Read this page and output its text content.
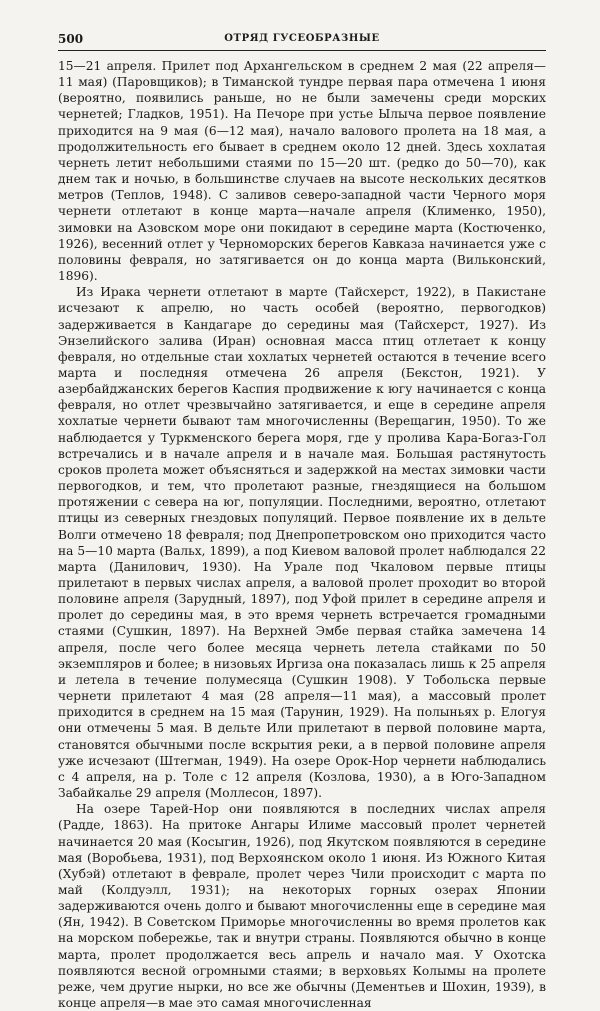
500	ОТРЯД ГУСЕОБРАЗНЫЕ

15—21 апреля. Прилет под Архангельском в среднем 2 мая (22 апреля—11 мая) (Паровщиков); в Тиманской тундре первая пара отмечена 1 июня (вероятно, появились раньше, но не были замечены среди морских чернетей; Гладков, 1951). На Печоре при устье Ылыча первое появление приходится на 9 мая (6—12 мая), начало валового пролета на 18 мая, а продолжительность его бывает в среднем около 12 дней. Здесь хохлатая чернеть летит небольшими стаями по 15—20 шт. (редко до 50—70), как днем так и ночью, в большинстве случаев на высоте нескольких десятков метров (Теплов, 1948). С заливов северо-западной части Черного моря чернети отлетают в конце марта—начале апреля (Клименко, 1950), зимовки на Азовском море они покидают в середине марта (Костюченко, 1926), весенний отлет у Черноморских берегов Кавказа начинается уже с половины февраля, но затягивается он до конца марта (Вильконский, 1896).

Из Ирака чернети отлетают в марте (Тайсхерст, 1922), в Пакистане исчезают к апрелю, но часть особей (вероятно, первогодков) задерживается в Кандагаре до середины мая (Тайсхерст, 1927). Из Энзелийского залива (Иран) основная масса птиц отлетает к концу февраля, но отдельные стаи хохлатых чернетей остаются в течение всего марта и последняя отмечена 26 апреля (Бекстон, 1921). У азербайджанских берегов Каспия продвижение к югу начинается с конца февраля, но отлет чрезвычайно затягивается, и еще в середине апреля хохлатые чернети бывают там многочисленны (Верещагин, 1950). То же наблюдается у Туркменского берега моря, где у пролива Кара-Богаз-Гол встречались и в начале апреля и в начале мая. Большая растянутость сроков пролета может объясняться и задержкой на местах зимовки части первогодков, и тем, что пролетают разные, гнездящиеся на большом протяжении с севера на юг, популяции. Последними, вероятно, отлетают птицы из северных гнездовых популяций. Первое появление их в дельте Волги отмечено 18 февраля; под Днепропетровском оно приходится часто на 5—10 марта (Вальх, 1899), а под Киевом валовой пролет наблюдался 22 марта (Данилович, 1930). На Урале под Чкаловом первые птицы прилетают в первых числах апреля, а валовой пролет проходит во второй половине апреля (Зарудный, 1897), под Уфой прилет в середине апреля и пролет до середины мая, в это время чернеть встречается громадными стаями (Сушкин, 1897). На Верхней Эмбе первая стайка замечена 14 апреля, после чего более месяца чернеть летела стайками по 50 экземпляров и более; в низовьях Иргиза она показалась лишь к 25 апреля и летела в течение полумесяца (Сушкин 1908). У Тобольска первые чернети прилетают 4 мая (28 апреля—11 мая), а массовый пролет приходится в среднем на 15 мая (Тарунин, 1929). На полыньях р. Елогуя они отмечены 5 мая. В дельте Или прилетают в первой половине марта, становятся обычными после вскрытия реки, а в первой половине апреля уже исчезают (Штегман, 1949). На озере Орок-Нор чернети наблюдались с 4 апреля, на р. Толе с 12 апреля (Козлова, 1930), а в Юго-Западном Забайкалье 29 апреля (Моллесон, 1897).

На озере Тарей-Нор они появляются в последних числах апреля (Радде, 1863). На притоке Ангары Илиме массовый пролет чернетей начинается 20 мая (Косыгин, 1926), под Якутском появляются в середине мая (Воробьева, 1931), под Верхоянском около 1 июня. Из Южного Китая (Хубэй) отлетают в феврале, пролет через Чили происходит с марта по май (Колдуэлл, 1931); на некоторых горных озерах Японии задерживаются очень долго и бывают многочисленны еще в середине мая (Ян, 1942). В Советском Приморье многочисленны во время пролетов как на морском побережье, так и внутри страны. Появляются обычно в конце марта, пролет продолжается весь апрель и начало мая. У Охотска появляются весной огромными стаями; в верховьях Колымы на пролете реже, чем другие нырки, но все же обычны (Дементьев и Шохин, 1939), в конце апреля—в мае это самая многочисленная
